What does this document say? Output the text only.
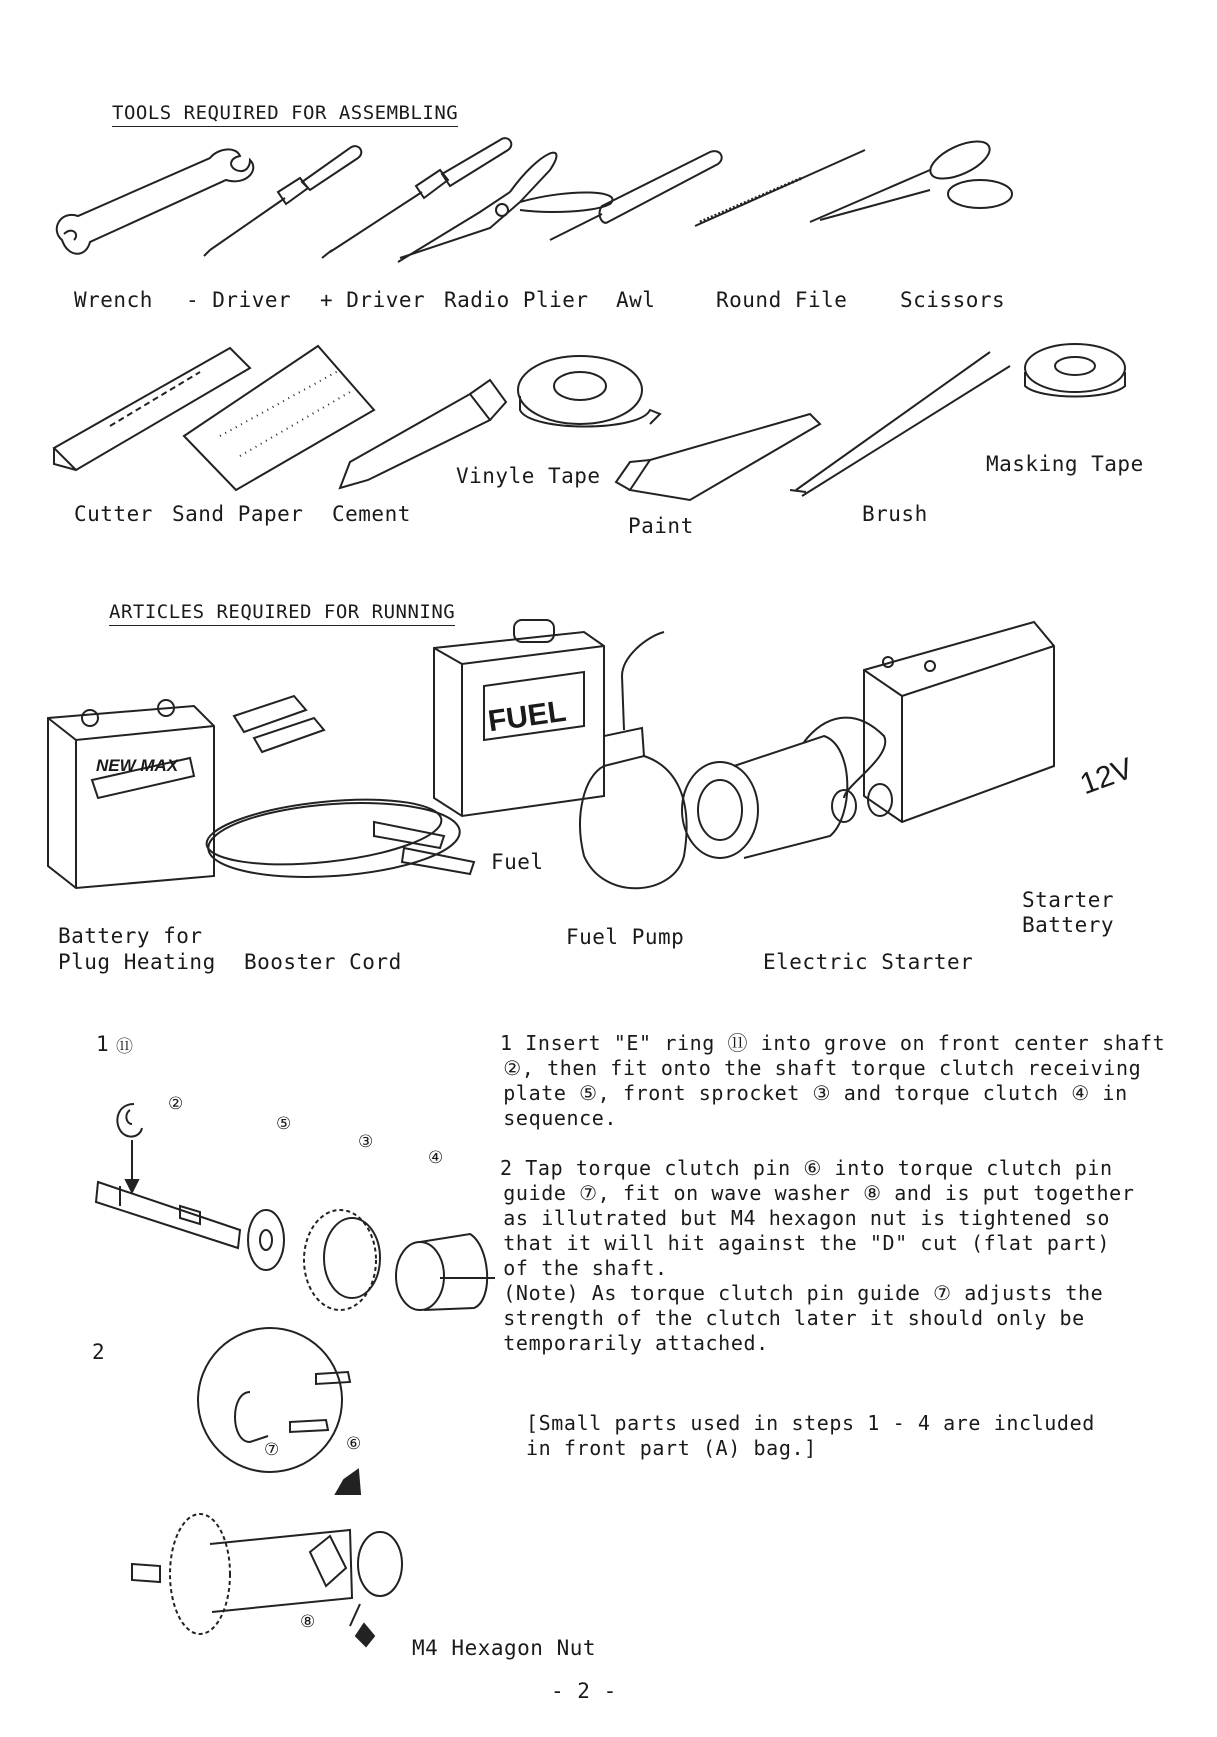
TOOLS REQUIRED FOR ASSEMBLING
Wrench - Driver + Driver Radio Plier Awl	Round File	Scissors
Cutter Sand Paper Cement
Vinyle Tape
Paint	Brush
Masking Tape
ARTICLES REQUIRED FOR RUNNING
NEW MAX
FUEL
12V
Battery for
Plug Heating Booster Cord
Fuel
Fuel Pump
Electric Starter
Starter
Battery
1 ⑪
②
⑤
③
④
2
⑦	⑥
⑧
M4 Hexagon Nut
1 Insert "E" ring ⑪ into grove on front center shaft
②, then fit onto the shaft torque clutch receiving
plate ⑤, front sprocket ③ and torque clutch ④ in
sequence.
2 Tap torque clutch pin ⑥ into torque clutch pin
guide ⑦, fit on wave washer ⑧ and is put together
as illutrated but M4 hexagon nut is tightened so
that it will hit against the "D" cut (flat part)
of the shaft.
(Note) As torque clutch pin guide ⑦ adjusts the
strength of the clutch later it should only be
temporarily attached.
[Small parts used in steps 1 - 4 are included
in front part (A) bag.]
- 2 -
